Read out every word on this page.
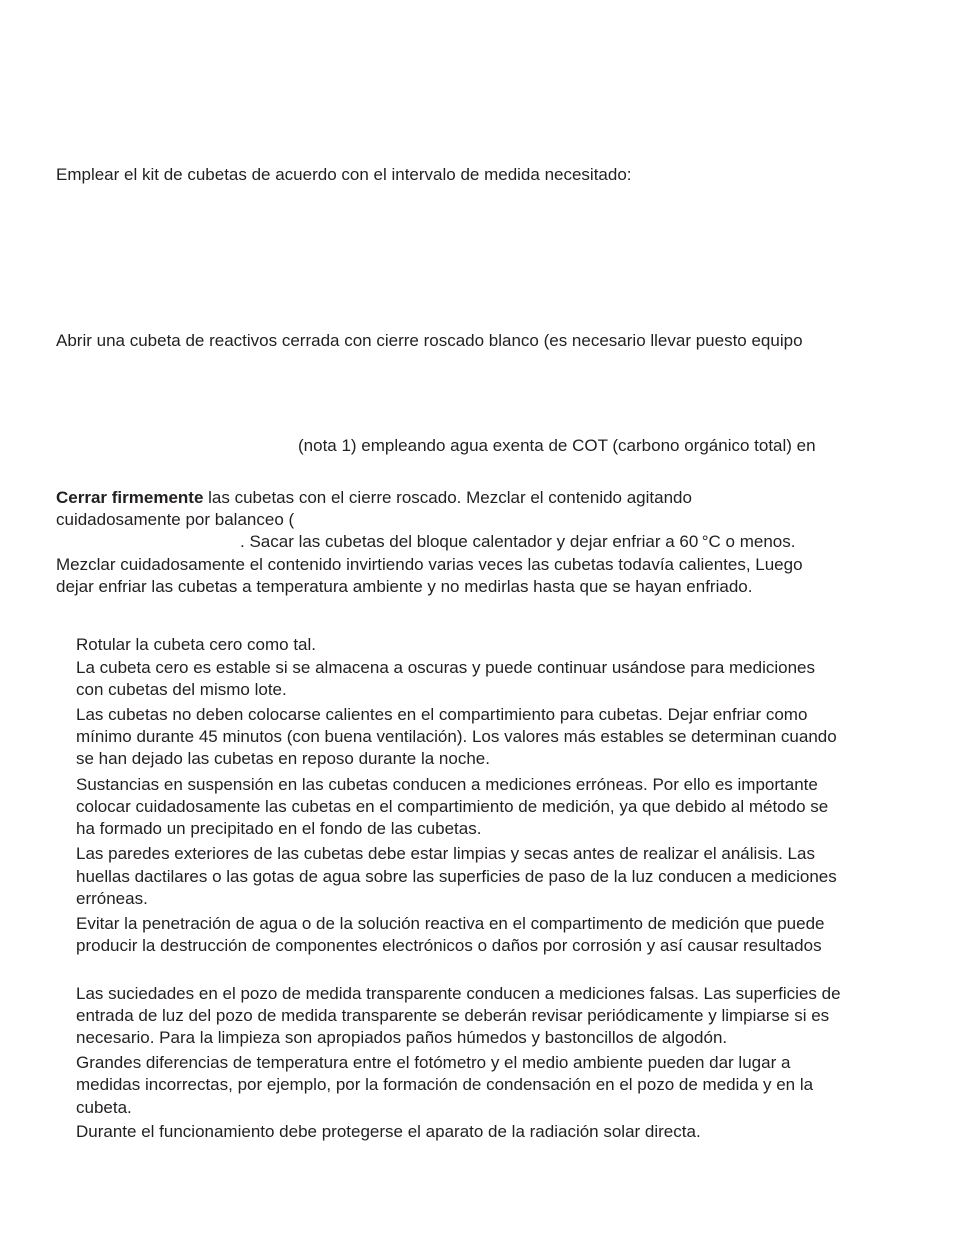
Emplear el kit de cubetas de acuerdo con el intervalo de medida necesitado:

Abrir una cubeta de reactivos cerrada con cierre roscado blanco (es necesario llevar puesto equipo

(nota 1) empleando agua exenta de COT (carbono orgánico total) en

Cerrar firmemente las cubetas con el cierre roscado. Mezclar el contenido agitando

cuidadosamente por balanceo (

. Sacar las cubetas del bloque calentador y dejar enfriar a 60 °C o menos.

Mezclar cuidadosamente el contenido invirtiendo varias veces las cubetas todavía calientes, Luego

dejar enfriar las cubetas a temperatura ambiente y no medirlas hasta que se hayan enfriado.

Rotular la cubeta cero como tal.

La cubeta cero es estable si se almacena a oscuras y puede continuar usándose para mediciones

con cubetas del mismo lote.

Las cubetas no deben colocarse calientes en el compartimiento para cubetas. Dejar enfriar como

mínimo durante 45 minutos (con buena ventilación). Los valores más estables se determinan cuando

se han dejado las cubetas en reposo durante la noche.

Sustancias en suspensión en las cubetas conducen a mediciones erróneas. Por ello es importante

colocar cuidadosamente las cubetas en el compartimiento de medición, ya que debido al método se

ha formado un precipitado en el fondo de las cubetas.

Las paredes exteriores de las cubetas debe estar limpias y secas antes de realizar el análisis. Las

huellas dactilares o las gotas de agua sobre las superficies de paso de la luz conducen a mediciones

erróneas.

Evitar la penetración de agua o de la solución reactiva en el compartimento de medición que puede

producir la destrucción de componentes electrónicos o daños por corrosión y así causar resultados

Las suciedades en el pozo de medida transparente conducen a mediciones falsas. Las superficies de

entrada de luz del pozo de medida transparente se deberán revisar periódicamente y limpiarse si es

necesario. Para la limpieza son apropiados paños húmedos y bastoncillos de algodón.

Grandes diferencias de temperatura entre el fotómetro y el medio ambiente pueden dar lugar a

medidas incorrectas, por ejemplo, por la formación de condensación en el pozo de medida y en la

cubeta.

Durante el funcionamiento debe protegerse el aparato de la radiación solar directa.
